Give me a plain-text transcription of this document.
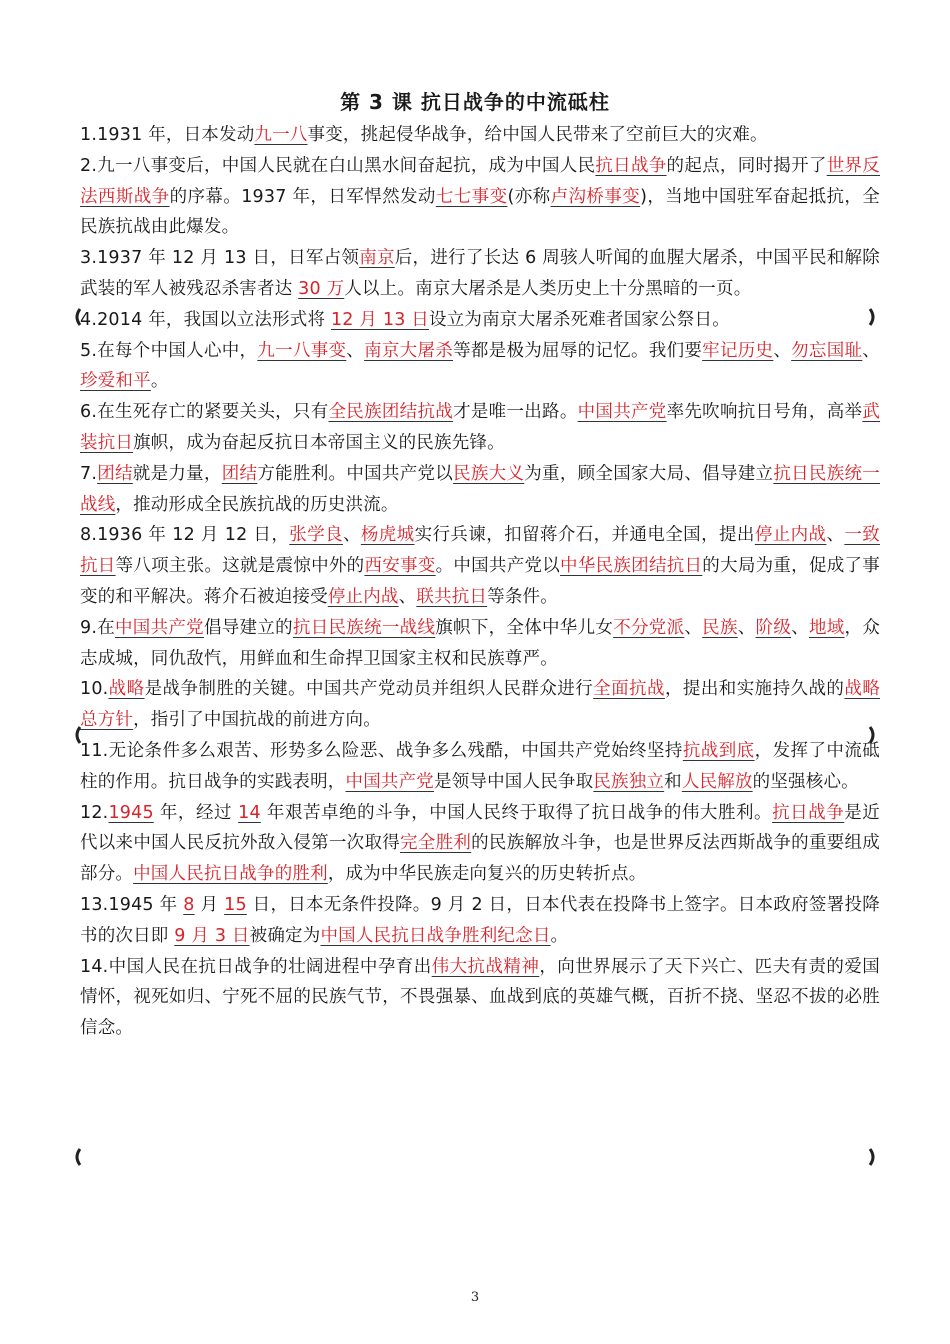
第 3 课 抗日战争的中流砥柱

1.1931 年，日本发动九一八事变，挑起侵华战争，给中国人民带来了空前巨大的灾难。

2.九一八事变后，中国人民就在白山黑水间奋起抗，成为中国人民抗日战争的起点，同时揭开了世界反法西斯战争的序幕。1937 年，日军悍然发动七七事变(亦称卢沟桥事变)，当地中国驻军奋起抵抗，全民族抗战由此爆发。

3.1937 年 12 月 13 日，日军占领南京后，进行了长达 6 周骇人听闻的血腥大屠杀，中国平民和解除武装的军人被残忍杀害者达 30 万人以上。南京大屠杀是人类历史上十分黑暗的一页。

4.2014 年，我国以立法形式将 12 月 13 日设立为南京大屠杀死难者国家公祭日。

5.在每个中国人心中，九一八事变、南京大屠杀等都是极为屈辱的记忆。我们要牢记历史、勿忘国耻、珍爱和平。

6.在生死存亡的紧要关头，只有全民族团结抗战才是唯一出路。中国共产党率先吹响抗日号角，高举武装抗日旗帜，成为奋起反抗日本帝国主义的民族先锋。

7.团结就是力量，团结方能胜利。中国共产党以民族大义为重，顾全国家大局、倡导建立抗日民族统一战线，推动形成全民族抗战的历史洪流。

8.1936 年 12 月 12 日，张学良、杨虎城实行兵谏，扣留蒋介石，并通电全国，提出停止内战、一致抗日等八项主张。这就是震惊中外的西安事变。中国共产党以中华民族团结抗日的大局为重，促成了事变的和平解决。蒋介石被迫接受停止内战、联共抗日等条件。

9.在中国共产党倡导建立的抗日民族统一战线旗帜下，全体中华儿女不分党派、民族、阶级、地域，众志成城，同仇敌忾，用鲜血和生命捍卫国家主权和民族尊严。

10.战略是战争制胜的关键。中国共产党动员并组织人民群众进行全面抗战，提出和实施持久战的战略总方针，指引了中国抗战的前进方向。

11.无论条件多么艰苦、形势多么险恶、战争多么残酷，中国共产党始终坚持抗战到底，发挥了中流砥柱的作用。抗日战争的实践表明，中国共产党是领导中国人民争取民族独立和人民解放的坚强核心。

12.1945 年，经过 14 年艰苦卓绝的斗争，中国人民终于取得了抗日战争的伟大胜利。抗日战争是近代以来中国人民反抗外敌入侵第一次取得完全胜利的民族解放斗争，也是世界反法西斯战争的重要组成部分。中国人民抗日战争的胜利，成为中华民族走向复兴的历史转折点。

13.1945 年 8 月 15 日，日本无条件投降。9 月 2 日，日本代表在投降书上签字。日本政府签署投降书的次日即 9 月 3 日被确定为中国人民抗日战争胜利纪念日。

14.中国人民在抗日战争的壮阔进程中孕育出伟大抗战精神，向世界展示了天下兴亡、匹夫有责的爱国情怀，视死如归、宁死不屈的民族气节，不畏强暴、血战到底的英雄气概，百折不挠、坚忍不拔的必胜信念。

3
